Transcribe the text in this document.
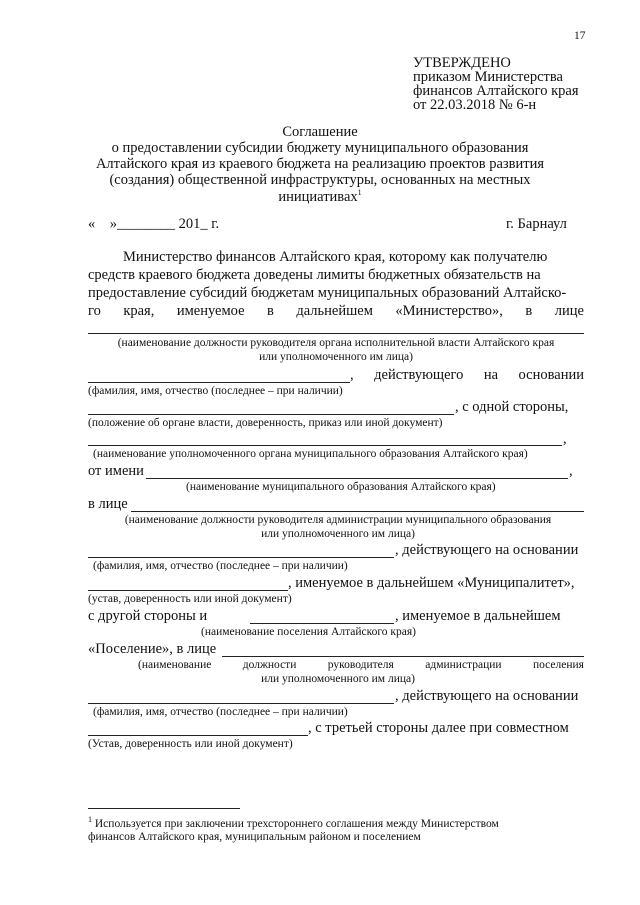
17
УТВЕРЖДЕНО
приказом Министерства
финансов Алтайского края
от 22.03.2018 № 6-н
Соглашение
о предоставлении субсидии бюджету муниципального образования
Алтайского края из краевого бюджета на реализацию проектов развития
(создания) общественной инфраструктуры, основанных на местных
инициативах$^1$
«    »________ 201_ г.	г. Барнаул
Министерство финансов Алтайского края, которому как получателю
средств краевого бюджета доведены лимиты бюджетных обязательств на
предоставление субсидий бюджетам муниципальных образований Алтайско-
го края, именуемое в дальнейшем «Министерство», в лице
(наименование должности руководителя органа исполнительной власти Алтайского края
или уполномоченного им лица)
, действующего на основании
(фамилия, имя, отчество (последнее – при наличии)
, с одной стороны,
(положение об органе власти, доверенность, приказ или иной документ)
,
(наименование уполномоченного органа муниципального образования Алтайского края)
от имени	,
(наименование муниципального образования Алтайского края)
в лице
(наименование должности руководителя администрации муниципального образования
или уполномоченного им лица)
, действующего на основании
(фамилия, имя, отчество (последнее – при наличии)
, именуемое в дальнейшем «Муниципалитет»,
(устав, доверенность или иной документ)
с другой стороны и	, именуемое в дальнейшем
(наименование поселения Алтайского края)
«Поселение», в лице
(наименование	должности	руководителя	администрации	поселения
или уполномоченного им лица)
, действующего на основании
(фамилия, имя, отчество (последнее – при наличии)
, с третьей стороны далее при совместном
(Устав, доверенность или иной документ)
$^1$ Используется при заключении трехстороннего соглашения между Министерством
финансов Алтайского края, муниципальным районом и поселением
